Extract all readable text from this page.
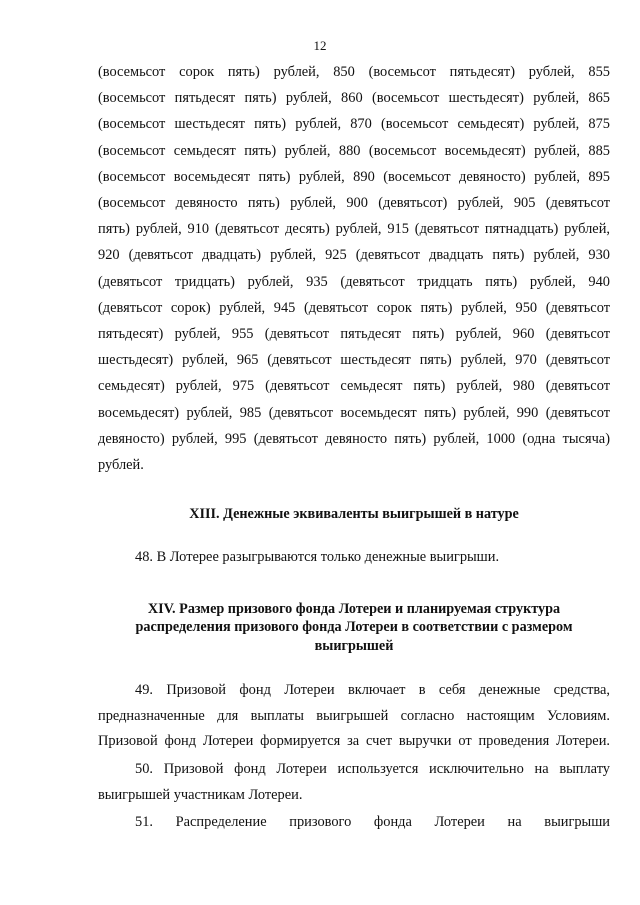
12
(восемьсот сорок пять) рублей, 850 (восемьсот пятьдесят) рублей, 855
(восемьсот пятьдесят пять) рублей, 860 (восемьсот шестьдесят) рублей, 865
(восемьсот шестьдесят пять) рублей, 870 (восемьсот семьдесят) рублей, 875
(восемьсот семьдесят пять) рублей, 880 (восемьсот восемьдесят) рублей, 885
(восемьсот восемьдесят пять) рублей, 890 (восемьсот девяносто) рублей, 895
(восемьсот девяносто пять) рублей, 900 (девятьсот) рублей, 905 (девятьсот
пять) рублей, 910 (девятьсот десять) рублей, 915 (девятьсот пятнадцать) рублей,
920 (девятьсот двадцать) рублей, 925 (девятьсот двадцать пять) рублей, 930
(девятьсот тридцать) рублей, 935 (девятьсот тридцать пять) рублей, 940
(девятьсот сорок) рублей, 945 (девятьсот сорок пять) рублей, 950 (девятьсот
пятьдесят) рублей, 955 (девятьсот пятьдесят пять) рублей, 960 (девятьсот
шестьдесят) рублей, 965 (девятьсот шестьдесят пять) рублей, 970 (девятьсот
семьдесят) рублей, 975 (девятьсот семьдесят пять) рублей, 980 (девятьсот
восемьдесят) рублей, 985 (девятьсот восемьдесят пять) рублей, 990 (девятьсот
девяносто) рублей, 995 (девятьсот девяносто пять) рублей, 1000 (одна тысяча)
рублей.
XIII. Денежные эквиваленты выигрышей в натуре
48. В Лотерее разыгрываются только денежные выигрыши.
XIV. Размер призового фонда Лотереи и планируемая структура
распределения призового фонда Лотереи в соответствии с размером
выигрышей
49. Призовой фонд Лотереи включает в себя денежные средства,
предназначенные для выплаты выигрышей согласно настоящим Условиям.
Призовой фонд Лотереи формируется за счет выручки от проведения Лотереи.
50. Призовой фонд Лотереи используется исключительно на выплату
выигрышей участникам Лотереи.
51. Распределение призового фонда Лотереи на выигрыши
